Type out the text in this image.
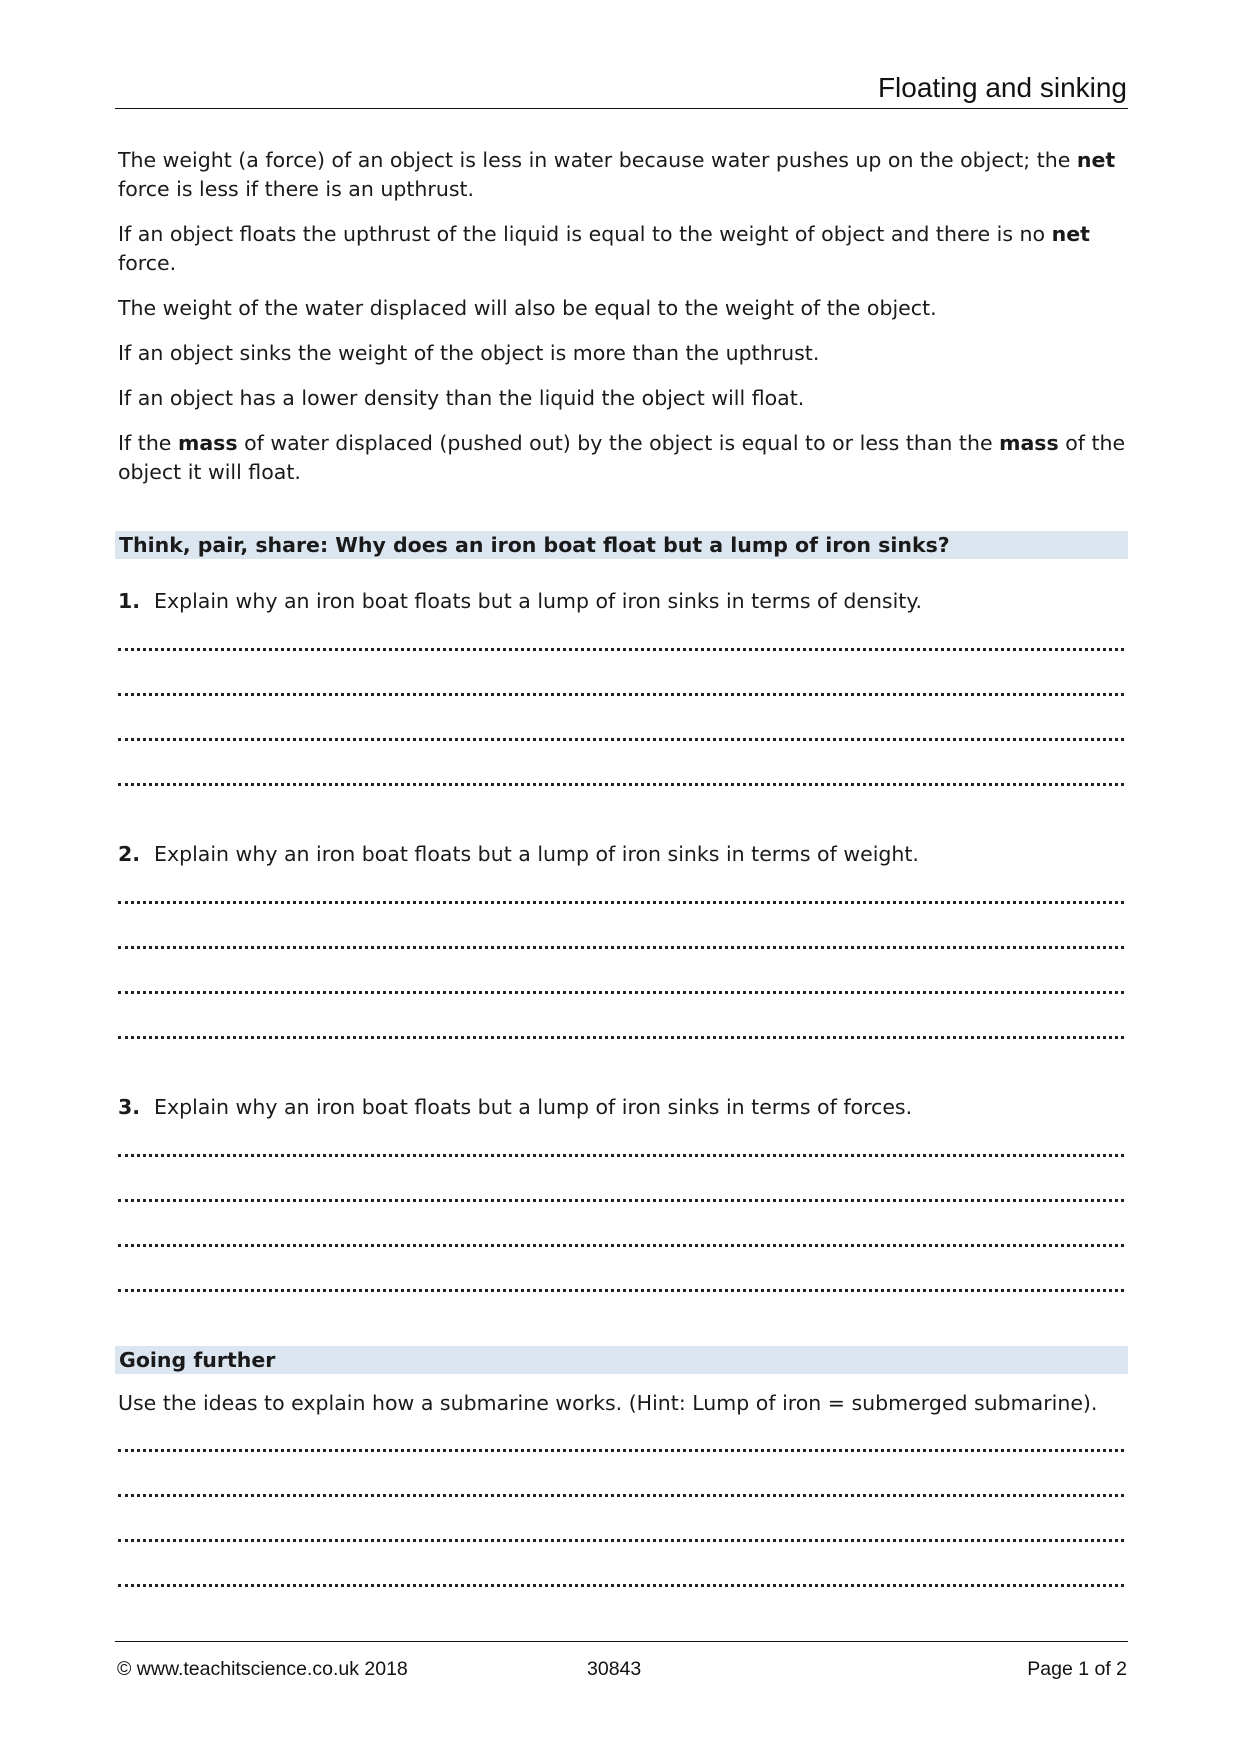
Floating and sinking
The weight (a force) of an object is less in water because water pushes up on the object; the net force is less if there is an upthrust.
If an object floats the upthrust of the liquid is equal to the weight of object and there is no net force.
The weight of the water displaced will also be equal to the weight of the object.
If an object sinks the weight of the object is more than the upthrust.
If an object has a lower density than the liquid the object will float.
If the mass of water displaced (pushed out) by the object is equal to or less than the mass of the object it will float.
Think, pair, share: Why does an iron boat float but a lump of iron sinks?
1. Explain why an iron boat floats but a lump of iron sinks in terms of density.
2. Explain why an iron boat floats but a lump of iron sinks in terms of weight.
3. Explain why an iron boat floats but a lump of iron sinks in terms of forces.
Going further
Use the ideas to explain how a submarine works. (Hint: Lump of iron = submerged submarine).
© www.teachitscience.co.uk 2018	30843	Page 1 of 2
